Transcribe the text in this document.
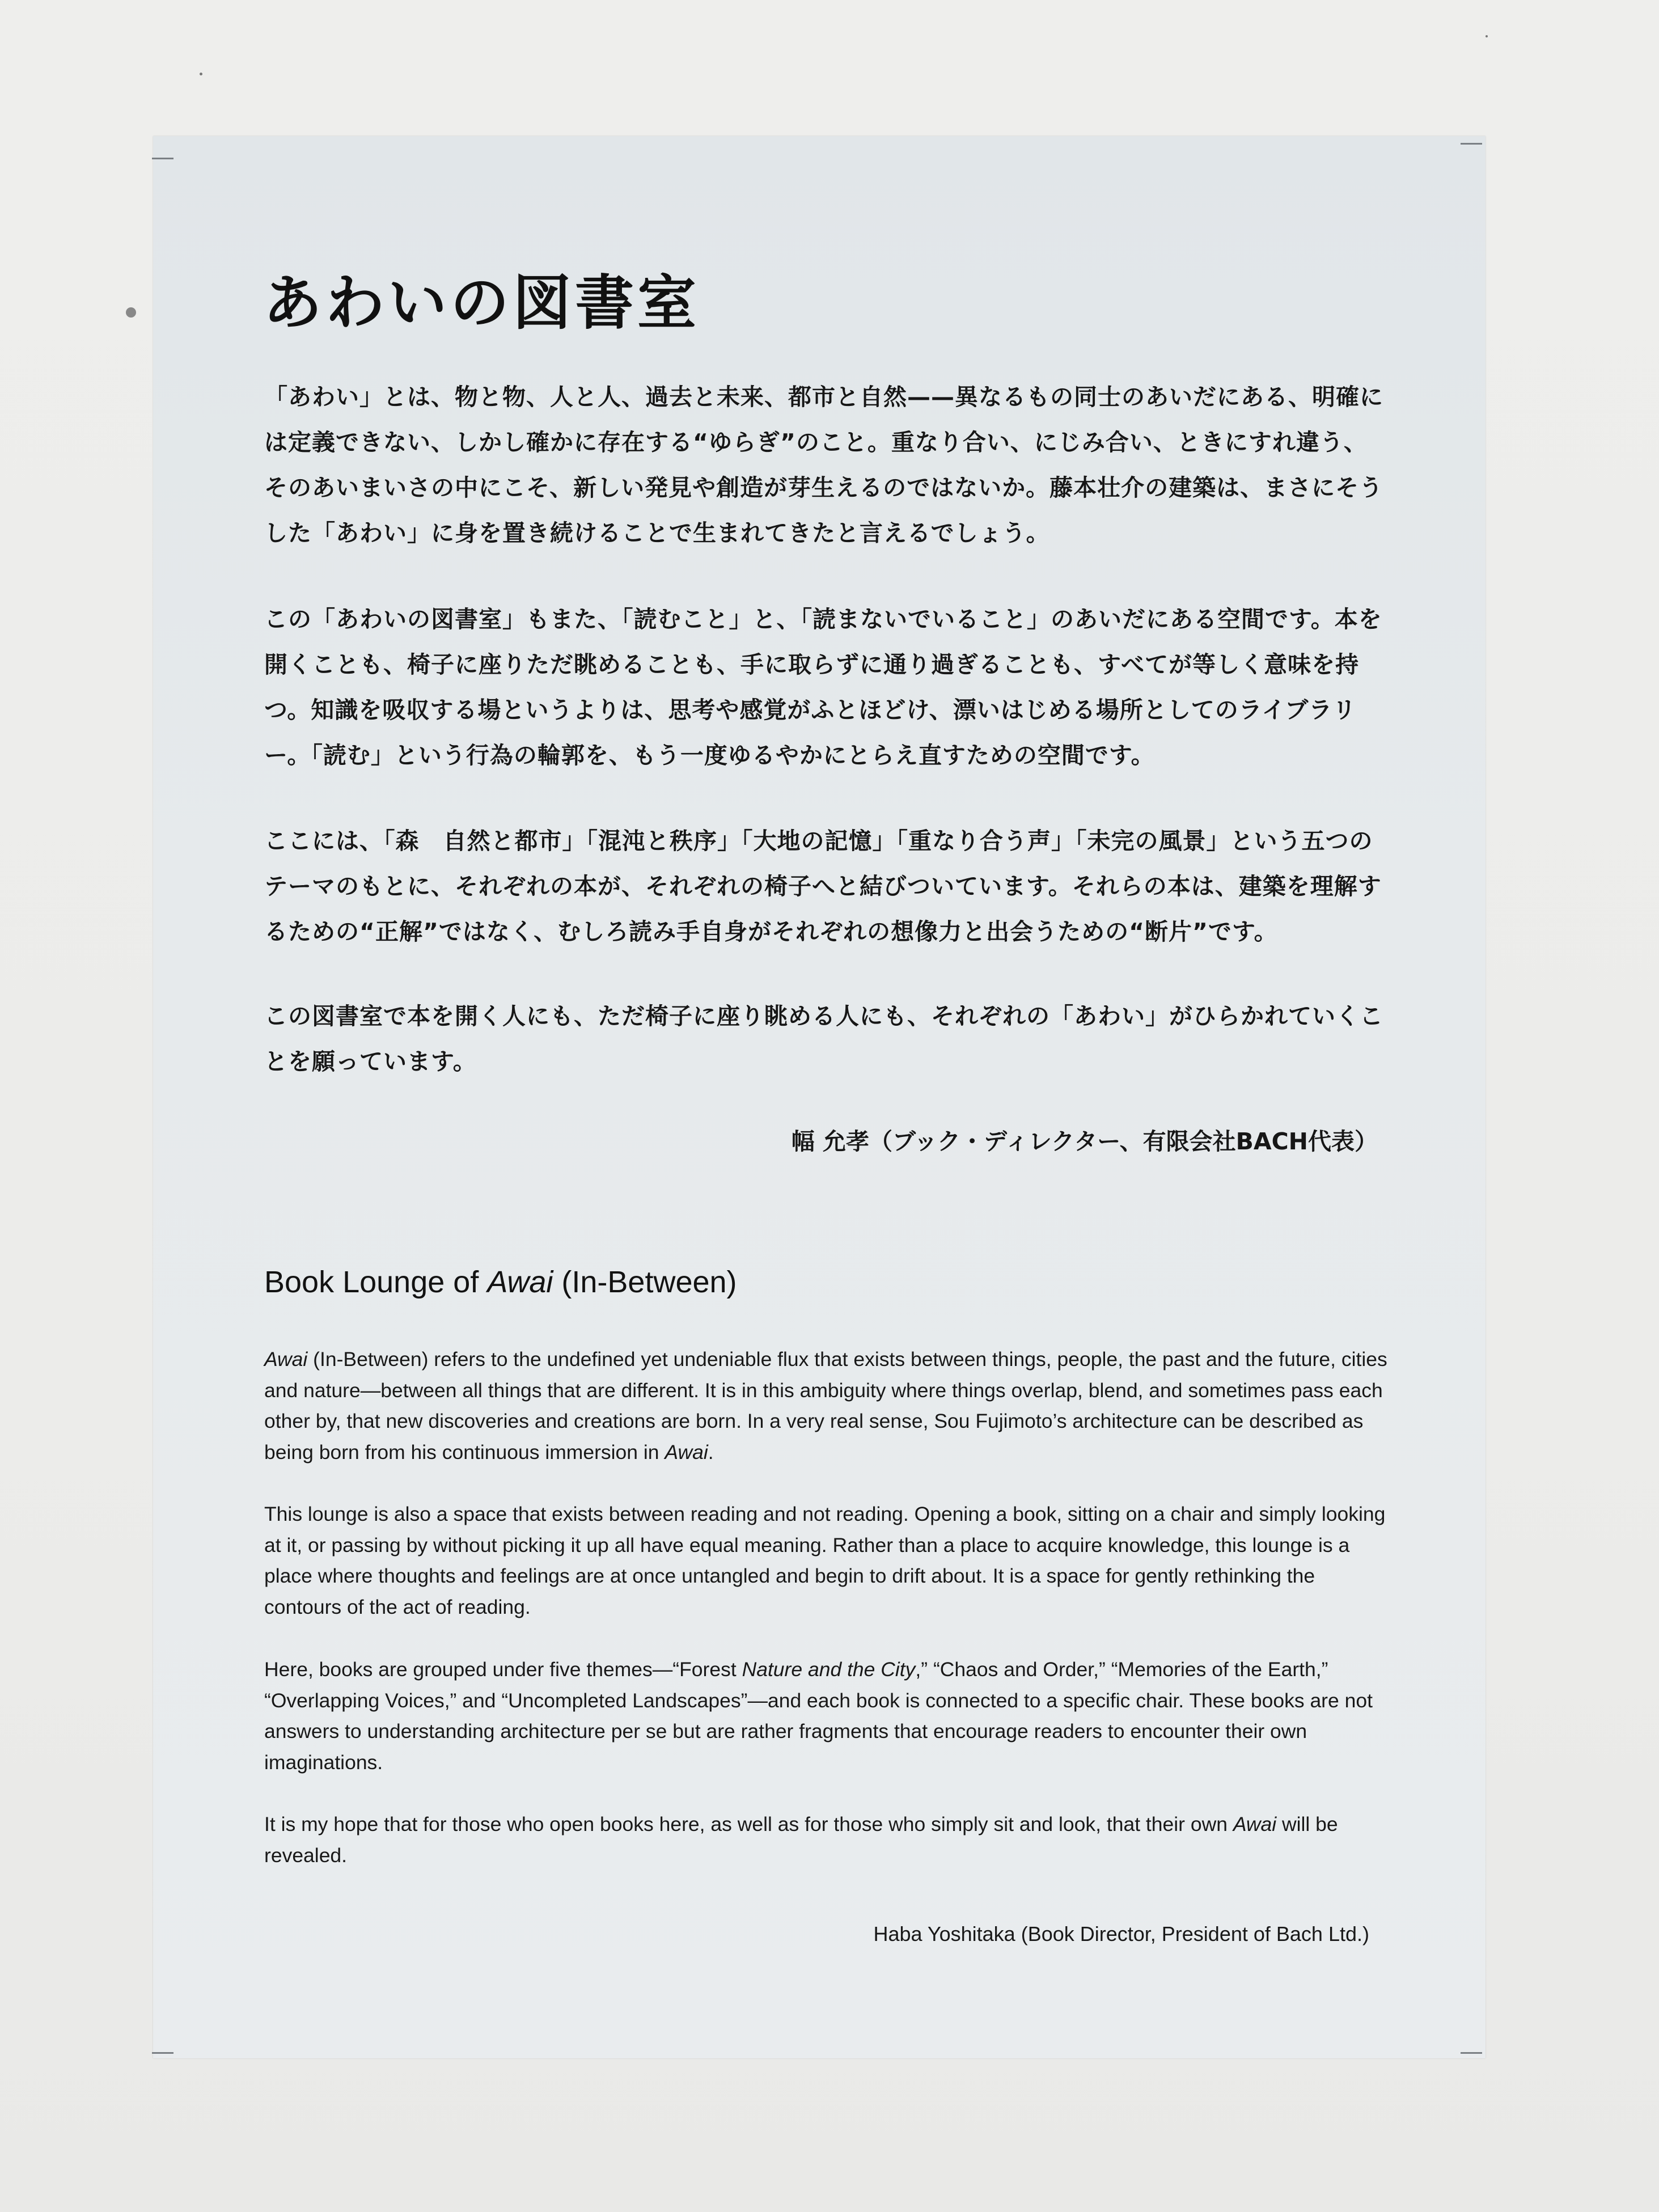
あわいの図書室

「あわい」とは、物と物、人と人、過去と未来、都市と自然——異なるもの同士のあいだにある、明確には定義できない、しかし確かに存在する“ゆらぎ”のこと。重なり合い、にじみ合い、ときにすれ違う、そのあいまいさの中にこそ、新しい発見や創造が芽生えるのではないか。藤本壮介の建築は、まさにそうした「あわい」に身を置き続けることで生まれてきたと言えるでしょう。

この「あわいの図書室」もまた、「読むこと」と、「読まないでいること」のあいだにある空間です。本を開くことも、椅子に座りただ眺めることも、手に取らずに通り過ぎることも、すべてが等しく意味を持つ。知識を吸収する場というよりは、思考や感覚がふとほどけ、漂いはじめる場所としてのライブラリー。「読む」という行為の輪郭を、もう一度ゆるやかにとらえ直すための空間です。

ここには、「森　自然と都市」「混沌と秩序」「大地の記憶」「重なり合う声」「未完の風景」という五つのテーマのもとに、それぞれの本が、それぞれの椅子へと結びついています。それらの本は、建築を理解するための“正解”ではなく、むしろ読み手自身がそれぞれの想像力と出会うための“断片”です。

この図書室で本を開く人にも、ただ椅子に座り眺める人にも、それぞれの「あわい」がひらかれていくことを願っています。

幅 允孝（ブック・ディレクター、有限会社BACH代表）

Book Lounge of Awai (In-Between)

Awai (In-Between) refers to the undefined yet undeniable flux that exists between things, people, the past and the future, cities and nature—between all things that are different. It is in this ambiguity where things overlap, blend, and sometimes pass each other by, that new discoveries and creations are born. In a very real sense, Sou Fujimoto’s architecture can be described as being born from his continuous immersion in Awai.

This lounge is also a space that exists between reading and not reading. Opening a book, sitting on a chair and simply looking at it, or passing by without picking it up all have equal meaning. Rather than a place to acquire knowledge, this lounge is a place where thoughts and feelings are at once untangled and begin to drift about. It is a space for gently rethinking the contours of the act of reading.

Here, books are grouped under five themes—“Forest Nature and the City,” “Chaos and Order,” “Memories of the Earth,” “Overlapping Voices,” and “Uncompleted Landscapes”—and each book is connected to a specific chair. These books are not answers to understanding architecture per se but are rather fragments that encourage readers to encounter their own imaginations.

It is my hope that for those who open books here, as well as for those who simply sit and look, that their own Awai will be revealed.

Haba Yoshitaka (Book Director, President of Bach Ltd.)
